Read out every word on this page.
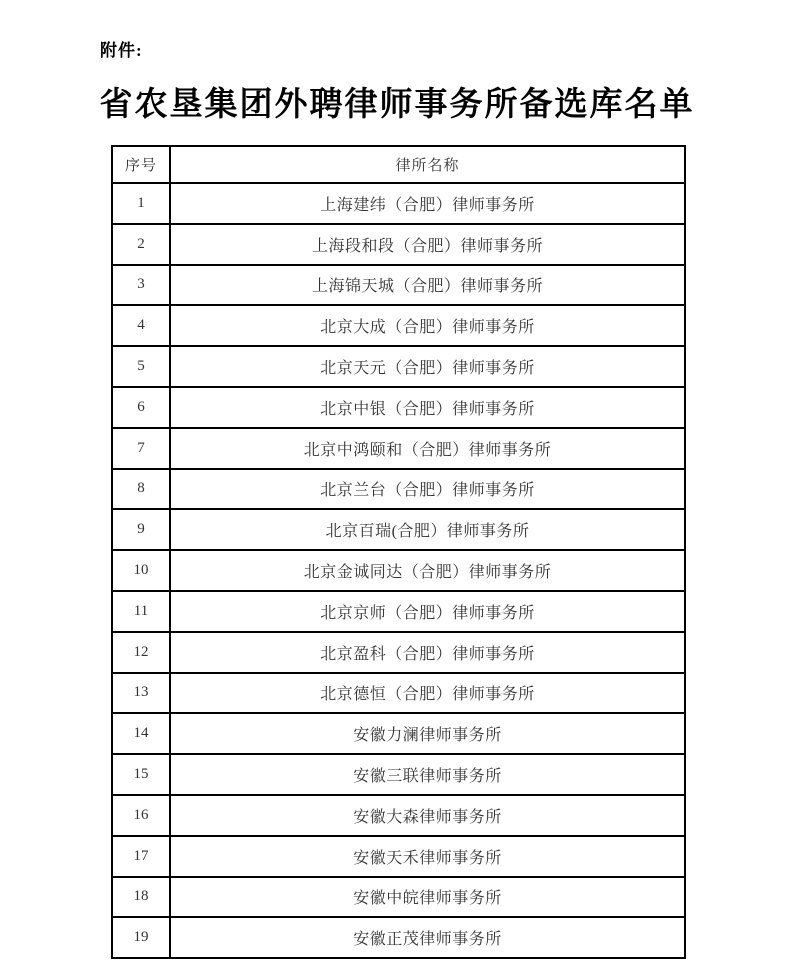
附件:
省农垦集团外聘律师事务所备选库名单
序号	律所名称
1	上海建纬（合肥）律师事务所
2	上海段和段（合肥）律师事务所
3	上海锦天城（合肥）律师事务所
4	北京大成（合肥）律师事务所
5	北京天元（合肥）律师事务所
6	北京中银（合肥）律师事务所
7	北京中鸿颐和（合肥）律师事务所
8	北京兰台（合肥）律师事务所
9	北京百瑞(合肥）律师事务所
10	北京金诚同达（合肥）律师事务所
11	北京京师（合肥）律师事务所
12	北京盈科（合肥）律师事务所
13	北京德恒（合肥）律师事务所
14	安徽力澜律师事务所
15	安徽三联律师事务所
16	安徽大森律师事务所
17	安徽天禾律师事务所
18	安徽中皖律师事务所
19	安徽正茂律师事务所
